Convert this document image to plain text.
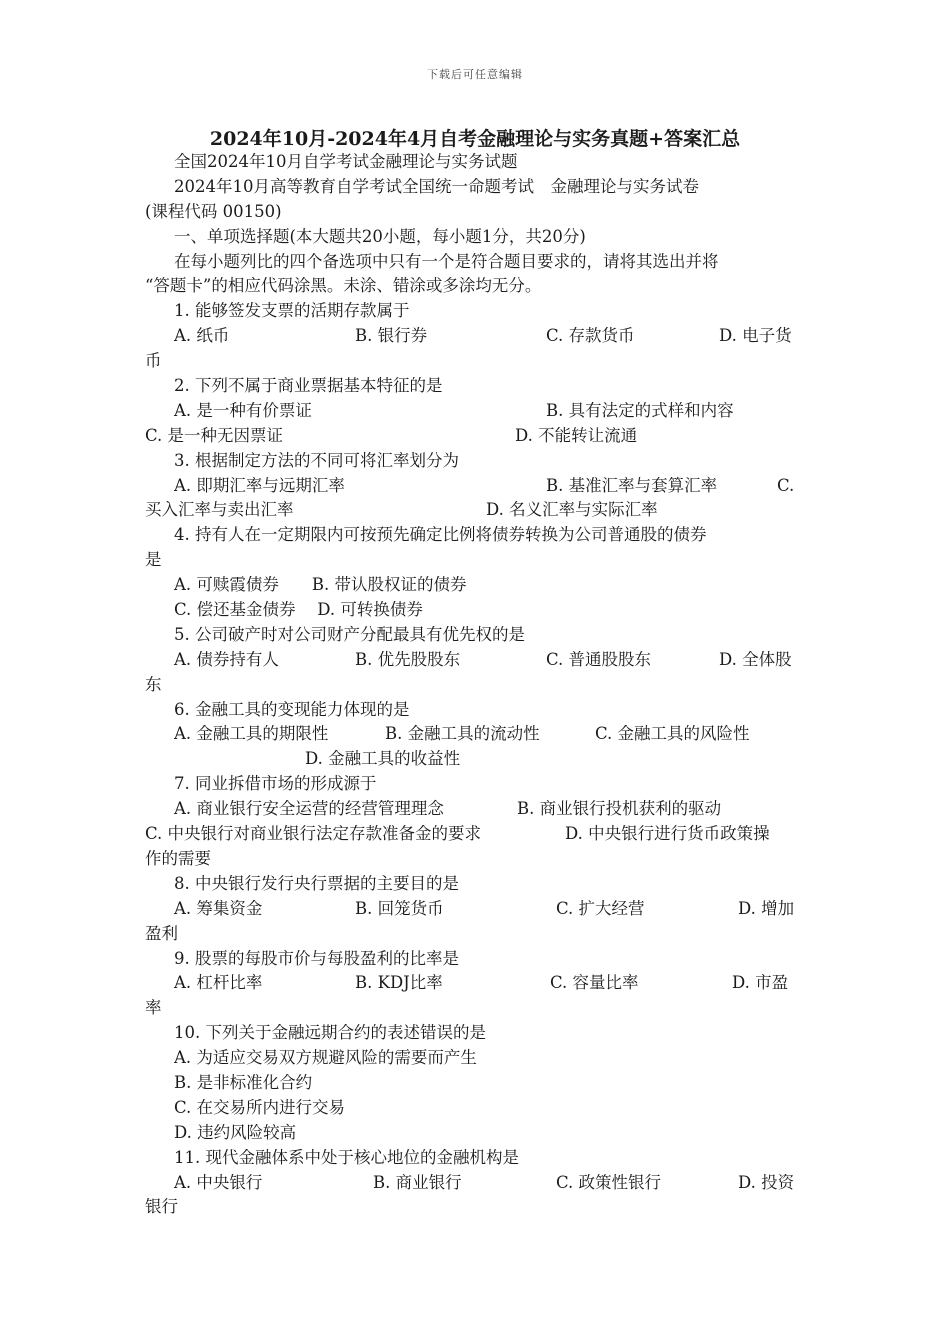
下载后可任意编辑
2024年10月-2024年4月自考金融理论与实务真题+答案汇总
全国2024年10月自学考试金融理论与实务试题
2024年10月高等教育自学考试全国统一命题考试　金融理论与实务试卷
(课程代码 00150)
一、单项选择题(本大题共20小题，每小题1分，共20分)
在每小题列比的四个备选项中只有一个是符合题目要求的，请将其选出并将
“答题卡”的相应代码涂黑。未涂、错涂或多涂均无分。
1. 能够签发支票的活期存款属于
A. 纸币	B. 银行券	C. 存款货币	D. 电子货
币
2. 下列不属于商业票据基本特征的是
A. 是一种有价票证	B. 具有法定的式样和内容
C. 是一种无因票证	D. 不能转让流通
3. 根据制定方法的不同可将汇率划分为
A. 即期汇率与远期汇率	B. 基准汇率与套算汇率	C.
买入汇率与卖出汇率	D. 名义汇率与实际汇率
4. 持有人在一定期限内可按预先确定比例将债券转换为公司普通股的债券
是
A. 可赎霞债券　　B. 带认股权证的债券
C. 偿还基金债券　 D. 可转换债券
5. 公司破产时对公司财产分配最具有优先权的是
A. 债券持有人	B. 优先股股东	C. 普通股股东	D. 全体股
东
6. 金融工具的变现能力体现的是
A. 金融工具的期限性	B. 金融工具的流动性	C. 金融工具的风险性
D. 金融工具的收益性
7. 同业拆借市场的形成源于
A. 商业银行安全运营的经营管理理念	B. 商业银行投机获利的驱动
C. 中央银行对商业银行法定存款准备金的要求	D. 中央银行进行货币政策操
作的需要
8. 中央银行发行央行票据的主要目的是
A. 筹集资金	B. 回笼货币	C. 扩大经营	D. 增加
盈利
9. 股票的每股市价与每股盈利的比率是
A. 杠杆比率	B. KDJ比率	C. 容量比率	D. 市盈
率
10. 下列关于金融远期合约的表述错误的是
A. 为适应交易双方规避风险的需要而产生
B. 是非标准化合约
C. 在交易所内进行交易
D. 违约风险较高
11. 现代金融体系中处于核心地位的金融机构是
A. 中央银行	B. 商业银行	C. 政策性银行	D. 投资
银行
